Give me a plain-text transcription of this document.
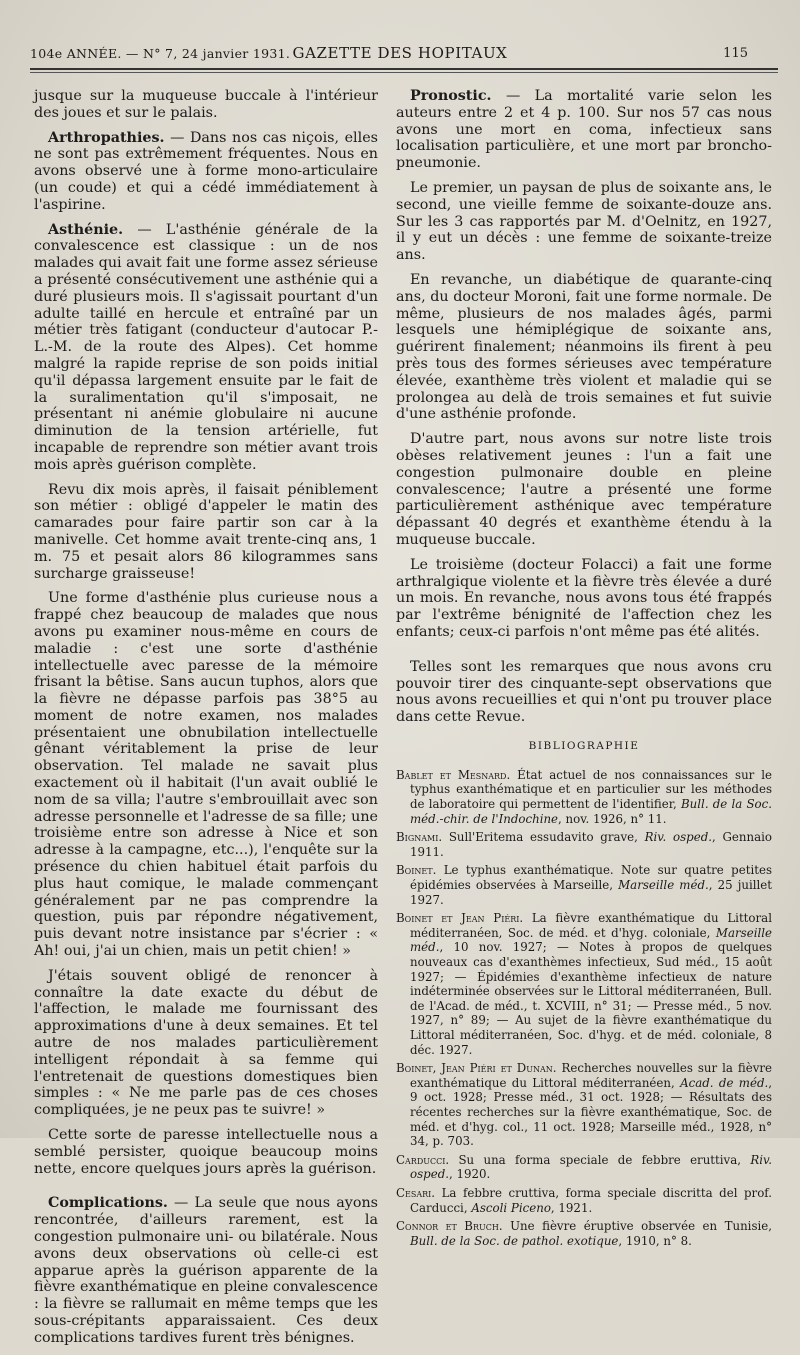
104e ANNÉE. — N° 7, 24 janvier 1931. GAZETTE DES HOPITAUX	115

jusque sur la muqueuse buccale à l'intérieur des joues et sur le palais.

Arthropathies. — Dans nos cas niçois, elles ne sont pas extrêmement fréquentes. Nous en avons observé une à forme mono-articulaire (un coude) et qui a cédé immédiatement à l'aspirine.

Asthénie. — L'asthénie générale de la convalescence est classique : un de nos malades qui avait fait une forme assez sérieuse a présenté consécutivement une asthénie qui a duré plusieurs mois. Il s'agissait pourtant d'un adulte taillé en hercule et entraîné par un métier très fatigant (conducteur d'autocar P.-L.-M. de la route des Alpes). Cet homme malgré la rapide reprise de son poids initial qu'il dépassa largement ensuite par le fait de la suralimentation qu'il s'imposait, ne présentant ni anémie globulaire ni aucune diminution de la tension artérielle, fut incapable de reprendre son métier avant trois mois après guérison complète.

Revu dix mois après, il faisait péniblement son métier : obligé d'appeler le matin des camarades pour faire partir son car à la manivelle. Cet homme avait trente-cinq ans, 1 m. 75 et pesait alors 86 kilogrammes sans surcharge graisseuse!

Une forme d'asthénie plus curieuse nous a frappé chez beaucoup de malades que nous avons pu examiner nous-même en cours de maladie : c'est une sorte d'asthénie intellectuelle avec paresse de la mémoire frisant la bêtise. Sans aucun tuphos, alors que la fièvre ne dépasse parfois pas 38°5 au moment de notre examen, nos malades présentaient une obnubilation intellectuelle gênant véritablement la prise de leur observation. Tel malade ne savait plus exactement où il habitait (l'un avait oublié le nom de sa villa; l'autre s'embrouillait avec son adresse personnelle et l'adresse de sa fille; une troisième entre son adresse à Nice et son adresse à la campagne, etc...), l'enquête sur la présence du chien habituel était parfois du plus haut comique, le malade commençant généralement par ne pas comprendre la question, puis par répondre négativement, puis devant notre insistance par s'écrier : « Ah! oui, j'ai un chien, mais un petit chien! »

J'étais souvent obligé de renoncer à connaître la date exacte du début de l'affection, le malade me fournissant des approximations d'une à deux semaines. Et tel autre de nos malades particulièrement intelligent répondait à sa femme qui l'entretenait de questions domestiques bien simples : « Ne me parle pas de ces choses compliquées, je ne peux pas te suivre! »

Cette sorte de paresse intellectuelle nous a semblé persister, quoique beaucoup moins nette, encore quelques jours après la guérison.

Complications. — La seule que nous ayons rencontrée, d'ailleurs rarement, est la congestion pulmonaire uni- ou bilatérale. Nous avons deux observations où celle-ci est apparue après la guérison apparente de la fièvre exanthématique en pleine convalescence : la fièvre se rallumait en même temps que les sous-crépitants apparaissaient. Ces deux complications tardives furent très bénignes.

Pronostic. — La mortalité varie selon les auteurs entre 2 et 4 p. 100. Sur nos 57 cas nous avons une mort en coma, infectieux sans localisation particulière, et une mort par broncho-pneumonie.

Le premier, un paysan de plus de soixante ans, le second, une vieille femme de soixante-douze ans. Sur les 3 cas rapportés par M. d'Oelnitz, en 1927, il y eut un décès : une femme de soixante-treize ans.

En revanche, un diabétique de quarante-cinq ans, du docteur Moroni, fait une forme normale. De même, plusieurs de nos malades âgés, parmi lesquels une hémiplégique de soixante ans, guérirent finalement; néanmoins ils firent à peu près tous des formes sérieuses avec température élevée, exanthème très violent et maladie qui se prolongea au delà de trois semaines et fut suivie d'une asthénie profonde.

D'autre part, nous avons sur notre liste trois obèses relativement jeunes : l'un a fait une congestion pulmonaire double en pleine convalescence; l'autre a présenté une forme particulièrement asthénique avec température dépassant 40 degrés et exanthème étendu à la muqueuse buccale.

Le troisième (docteur Folacci) a fait une forme arthralgique violente et la fièvre très élevée a duré un mois. En revanche, nous avons tous été frappés par l'extrême bénignité de l'affection chez les enfants; ceux-ci parfois n'ont même pas été alités.

Telles sont les remarques que nous avons cru pouvoir tirer des cinquante-sept observations que nous avons recueillies et qui n'ont pu trouver place dans cette Revue.

BIBLIOGRAPHIE
Bablet et Mesnard. État actuel de nos connaissances sur le typhus exanthématique et en particulier sur les méthodes de laboratoire qui permettent de l'identifier, Bull. de la Soc. méd.-chir. de l'Indochine, nov. 1926, n° 11.
Bignami. Sull'Eritema essudavito grave, Riv. osped., Gennaio 1911.
Boinet. Le typhus exanthématique. Note sur quatre petites épidémies observées à Marseille, Marseille méd., 25 juillet 1927.
Boinet et Jean Piéri. La fièvre exanthématique du Littoral méditerranéen, Soc. de méd. et d'hyg. coloniale, Marseille méd., 10 nov. 1927; — Notes à propos de quelques nouveaux cas d'exanthèmes infectieux, Sud méd., 15 août 1927; — Épidémies d'exanthème infectieux de nature indéterminée observées sur le Littoral méditerranéen, Bull. de l'Acad. de méd., t. XCVIII, n° 31; — Presse méd., 5 nov. 1927, n° 89; — Au sujet de la fièvre exanthématique du Littoral méditerranéen, Soc. d'hyg. et de méd. coloniale, 8 déc. 1927.
Boinet, Jean Piéri et Dunan. Recherches nouvelles sur la fièvre exanthématique du Littoral méditerranéen, Acad. de méd., 9 oct. 1928; Presse méd., 31 oct. 1928; — Résultats des récentes recherches sur la fièvre exanthématique, Soc. de méd. et d'hyg. col., 11 oct. 1928; Marseille méd., 1928, n° 34, p. 703.
Carducci. Su una forma speciale de febbre eruttiva, Riv. osped., 1920.
Cesari. La febbre cruttiva, forma speciale discritta del prof. Carducci, Ascoli Piceno, 1921.
Connor et Bruch. Une fièvre éruptive observée en Tunisie, Bull. de la Soc. de pathol. exotique, 1910, n° 8.
